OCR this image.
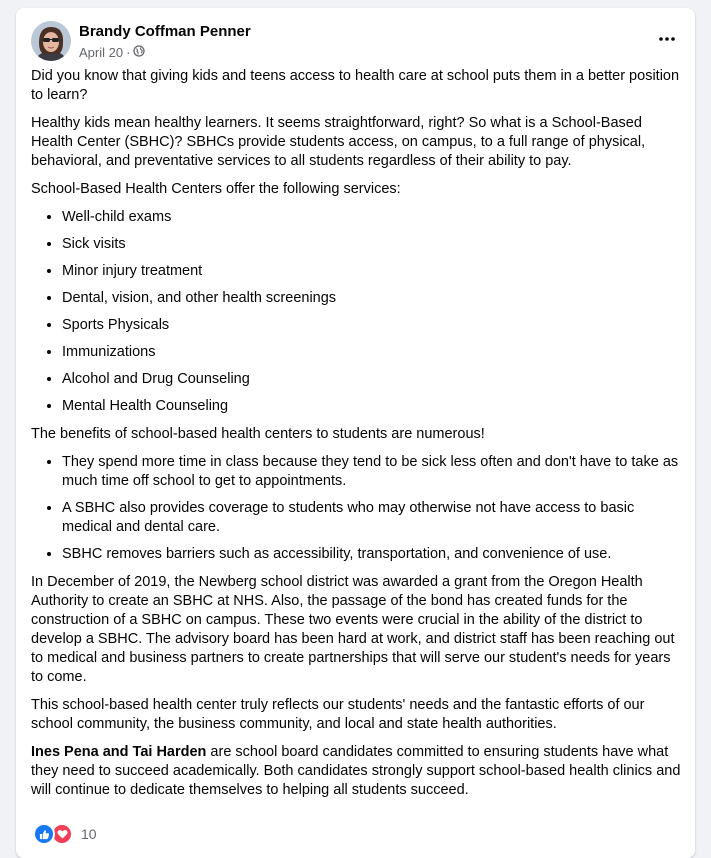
Brandy Coffman Penner
April 20 ·

Did you know that giving kids and teens access to health care at school puts them in a better position to learn?

Healthy kids mean healthy learners. It seems straightforward, right? So what is a School-Based Health Center (SBHC)? SBHCs provide students access, on campus, to a full range of physical, behavioral, and preventative services to all students regardless of their ability to pay.

School-Based Health Centers offer the following services:

• Well-child exams
• Sick visits
• Minor injury treatment
• Dental, vision, and other health screenings
• Sports Physicals
• Immunizations
• Alcohol and Drug Counseling
• Mental Health Counseling

The benefits of school-based health centers to students are numerous!

• They spend more time in class because they tend to be sick less often and don't have to take as much time off school to get to appointments.
• A SBHC also provides coverage to students who may otherwise not have access to basic medical and dental care.
• SBHC removes barriers such as accessibility, transportation, and convenience of use.

In December of 2019, the Newberg school district was awarded a grant from the Oregon Health Authority to create an SBHC at NHS. Also, the passage of the bond has created funds for the construction of a SBHC on campus. These two events were crucial in the ability of the district to develop a SBHC. The advisory board has been hard at work, and district staff has been reaching out to medical and business partners to create partnerships that will serve our student's needs for years to come.

This school-based health center truly reflects our students' needs and the fantastic efforts of our school community, the business community, and local and state health authorities.

Ines Pena and Tai Harden are school board candidates committed to ensuring students have what they need to succeed academically. Both candidates strongly support school-based health clinics and will continue to dedicate themselves to helping all students succeed.

10
